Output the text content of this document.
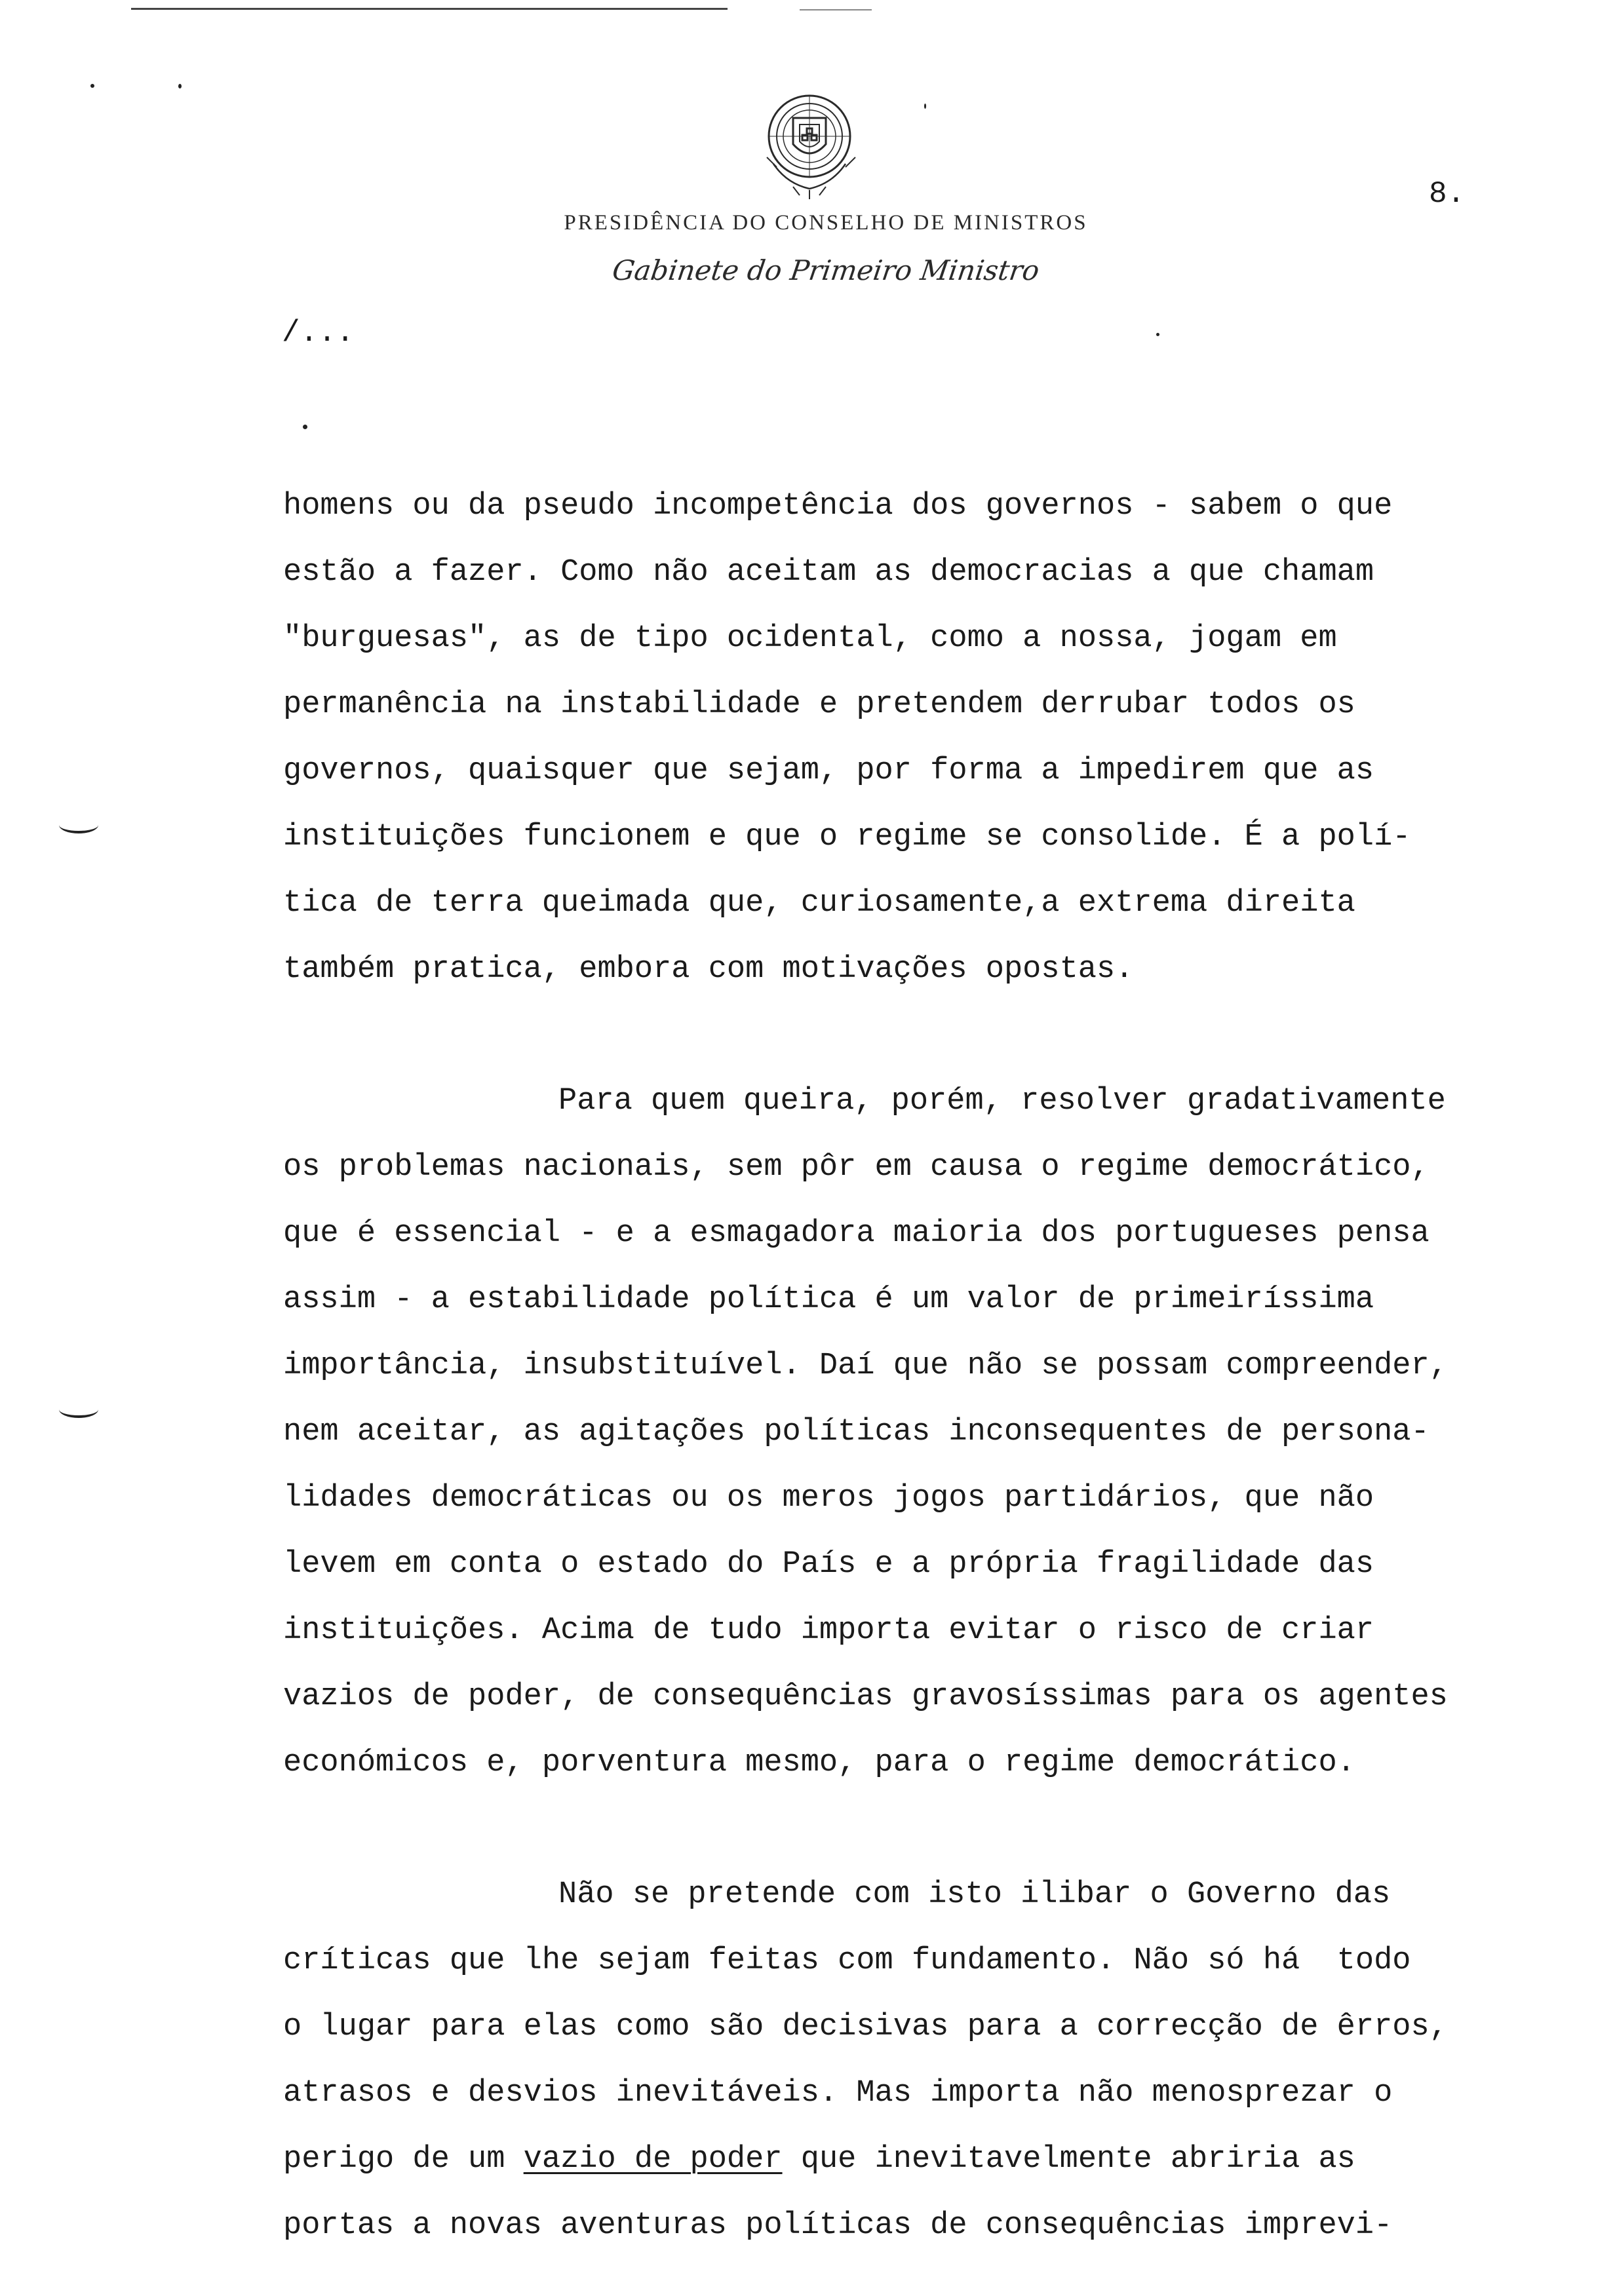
PRESIDÊNCIA DO CONSELHO DE MINISTROS
Gabinete do Primeiro Ministro
8.
/...
homens ou da pseudo incompetência dos governos - sabem o que
estão a fazer. Como não aceitam as democracias a que chamam
"burguesas", as de tipo ocidental, como a nossa, jogam em
permanência na instabilidade e pretendem derrubar todos os
governos, quaisquer que sejam, por forma a impedirem que as
instituições funcionem e que o regime se consolide. É a polí-
tica de terra queimada que, curiosamente,a extrema direita
também pratica, embora com motivações opostas.
Para quem queira, porém, resolver gradativamente
os problemas nacionais, sem pôr em causa o regime democrático,
que é essencial - e a esmagadora maioria dos portugueses pensa
assim - a estabilidade política é um valor de primeiríssima
importância, insubstituível. Daí que não se possam compreender,
nem aceitar, as agitações políticas inconsequentes de persona-
lidades democráticas ou os meros jogos partidários, que não
levem em conta o estado do País e a própria fragilidade das
instituições. Acima de tudo importa evitar o risco de criar
vazios de poder, de consequências gravosíssimas para os agentes
económicos e, porventura mesmo, para o regime democrático.
Não se pretende com isto ilibar o Governo das
críticas que lhe sejam feitas com fundamento. Não só há  todo
o lugar para elas como são decisivas para a correcção de êrros,
atrasos e desvios inevitáveis. Mas importa não menosprezar o
perigo de um vazio de poder que inevitavelmente abriria as
portas a novas aventuras políticas de consequências imprevi-
